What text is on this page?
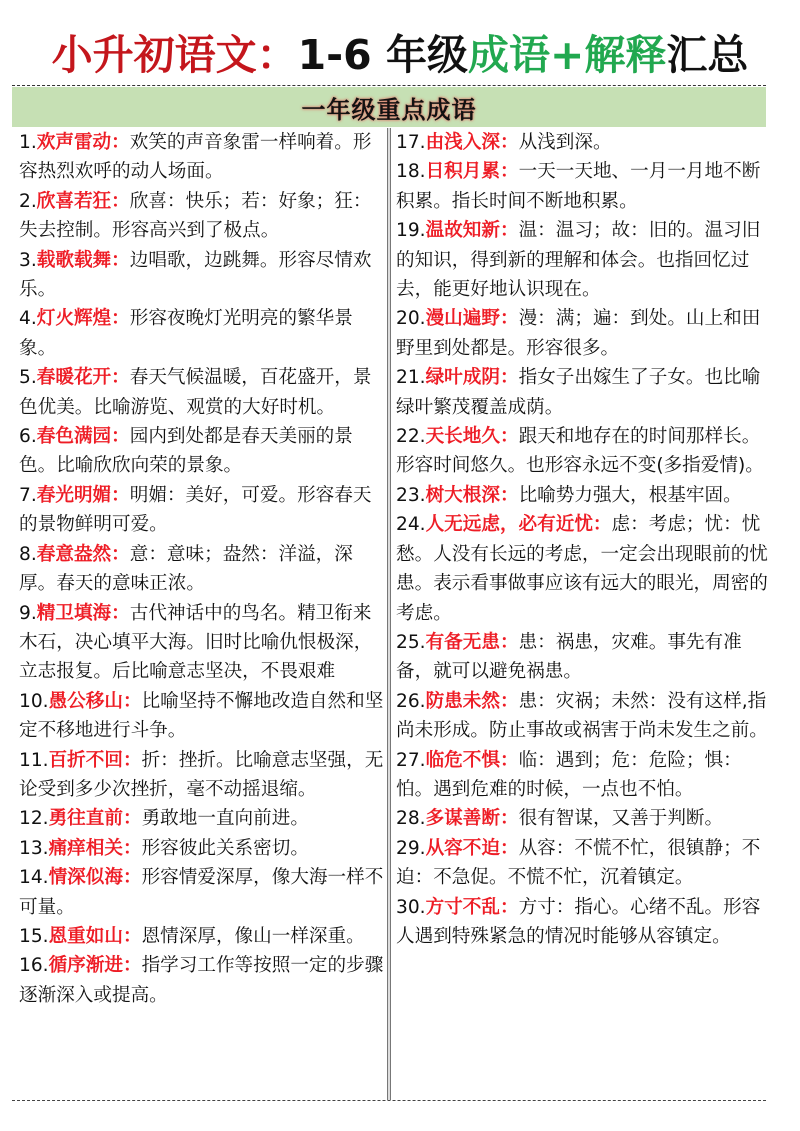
小升初语文：1-6 年级成语+解释汇总
一年级重点成语

1.欢声雷动：欢笑的声音象雷一样响着。形容热烈欢呼的动人场面。

2.欣喜若狂：欣喜：快乐；若：好象；狂：失去控制。形容高兴到了极点。

3.载歌载舞：边唱歌，边跳舞。形容尽情欢乐。

4.灯火辉煌：形容夜晚灯光明亮的繁华景象。

5.春暖花开：春天气候温暖，百花盛开，景色优美。比喻游览、观赏的大好时机。

6.春色满园：园内到处都是春天美丽的景色。比喻欣欣向荣的景象。

7.春光明媚：明媚：美好，可爱。形容春天的景物鲜明可爱。

8.春意盎然：意：意味；盎然：洋溢，深厚。春天的意味正浓。

9.精卫填海：古代神话中的鸟名。精卫衔来木石，决心填平大海。旧时比喻仇恨极深，立志报复。后比喻意志坚决，不畏艰难

10.愚公移山：比喻坚持不懈地改造自然和坚定不移地进行斗争。

11.百折不回：折：挫折。比喻意志坚强，无论受到多少次挫折，毫不动摇退缩。

12.勇往直前：勇敢地一直向前进。

13.痛痒相关：形容彼此关系密切。

14.情深似海：形容情爱深厚，像大海一样不可量。

15.恩重如山：恩情深厚，像山一样深重。

16.循序渐进：指学习工作等按照一定的步骤逐渐深入或提高。

17.由浅入深：从浅到深。

18.日积月累：一天一天地、一月一月地不断积累。指长时间不断地积累。

19.温故知新：温：温习；故：旧的。温习旧的知识，得到新的理解和体会。也指回忆过去，能更好地认识现在。

20.漫山遍野：漫：满；遍：到处。山上和田野里到处都是。形容很多。

21.绿叶成阴：指女子出嫁生了子女。也比喻绿叶繁茂覆盖成荫。

22.天长地久：跟天和地存在的时间那样长。形容时间悠久。也形容永远不变(多指爱情)。

23.树大根深：比喻势力强大，根基牢固。

24.人无远虑，必有近忧：虑：考虑；忧：忧愁。人没有长远的考虑，一定会出现眼前的忧患。表示看事做事应该有远大的眼光，周密的考虑。

25.有备无患：患：祸患，灾难。事先有准备，就可以避免祸患。

26.防患未然：患：灾祸；未然：没有这样,指尚未形成。防止事故或祸害于尚未发生之前。

27.临危不惧：临：遇到；危：危险；惧：怕。遇到危难的时候，一点也不怕。

28.多谋善断：很有智谋，又善于判断。

29.从容不迫：从容：不慌不忙，很镇静；不迫：不急促。不慌不忙，沉着镇定。

30.方寸不乱：方寸：指心。心绪不乱。形容人遇到特殊紧急的情况时能够从容镇定。
